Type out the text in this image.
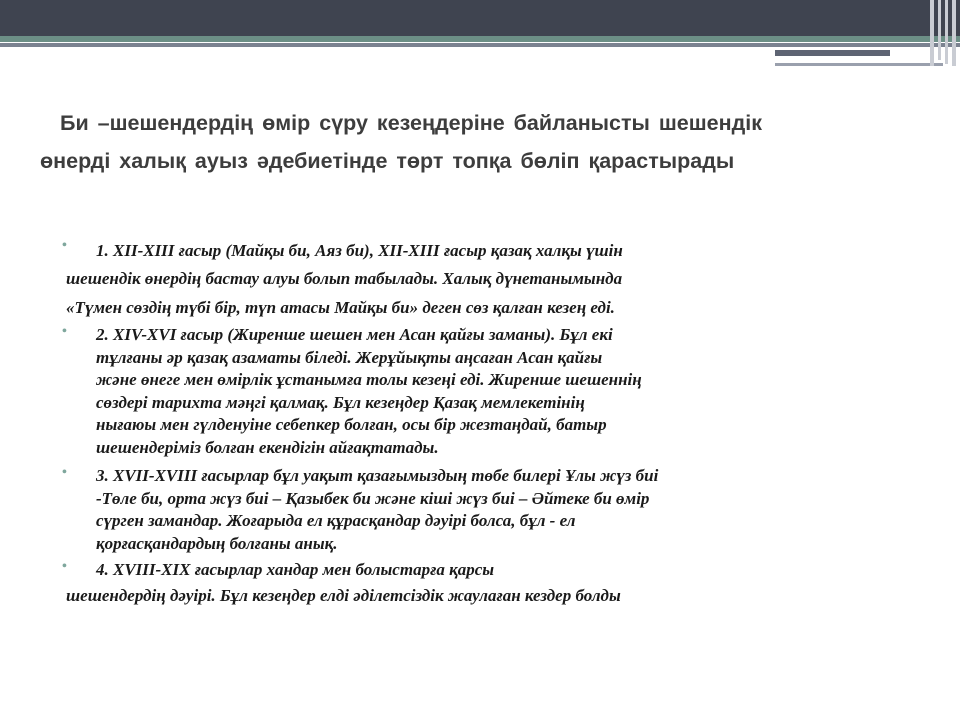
Би –шешендердің өмір сүру кезеңдеріне байланысты шешендік
өнерді халық ауыз әдебиетінде төрт топқа бөліп қарастырады
•	1. XII-XIII ғасыр (Майқы би, Аяз би), XII-XIII ғасыр қазақ халқы үшін
шешендік өнердің бастау алуы болып табылады. Халық дүнетанымында
«Түмен сөздің түбі бір, түп атасы Майқы би» деген сөз қалған кезең еді.
•	2. XIV-XVI ғасыр (Жиренше шешен мен Асан қайғы заманы). Бұл екі
тұлғаны әр қазақ азаматы біледі. Жерұйықты аңсаған Асан қайғы
және өнеге мен өмірлік ұстанымға толы кезеңі еді. Жиренше шешеннің
сөздері тарихта мәңгі қалмақ. Бұл кезеңдер Қазақ мемлекетінің
нығаюы мен гүлденуіне себепкер болған, осы бір жезтаңдай, батыр
шешендеріміз болған екендігін айғақтатады.
•	3. XVII-XVIII ғасырлар бұл уақыт қазағымыздың төбе билері Ұлы жүз биі
-Төле би, орта жүз биі – Қазыбек би және кіші жүз биі – Әйтеке би өмір
сүрген замандар. Жоғарыда ел құрасқандар дәуірі болса, бұл - ел
қорғасқандардың болғаны анық.
•	4. XVIII-XIX ғасырлар хандар мен болыстарға қарсы
шешендердің дәуірі. Бұл кезеңдер елді әділетсіздік жаулаған кездер болды
